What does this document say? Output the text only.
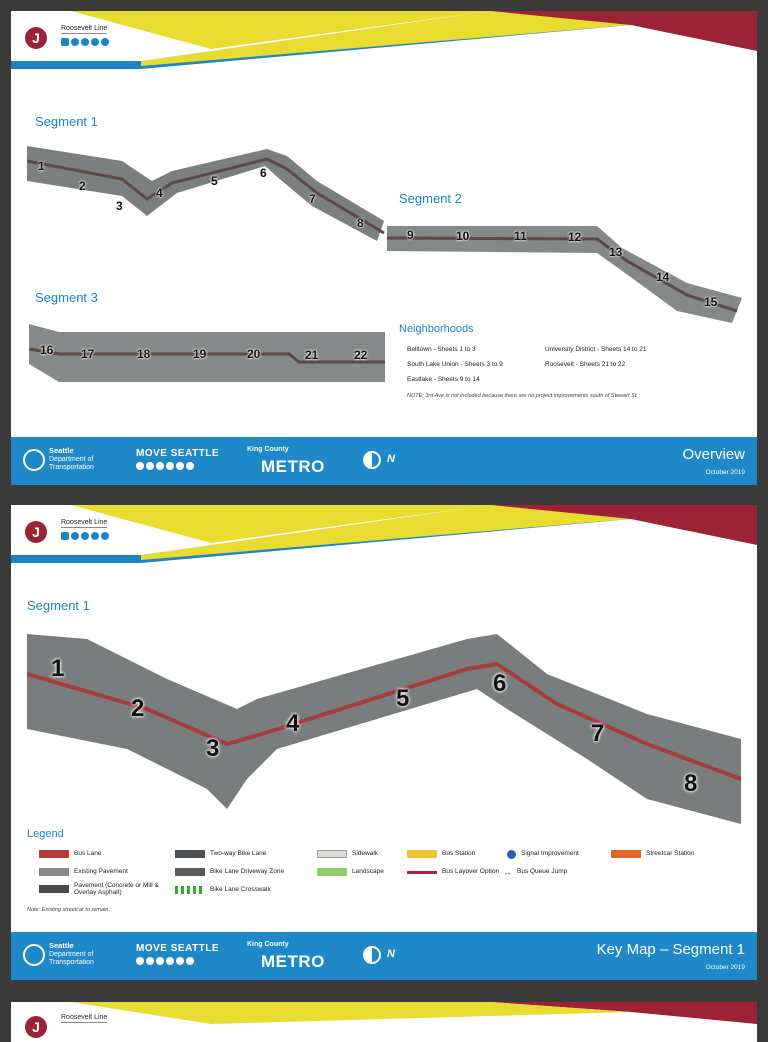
J
Roosevelt Line
Segment 1
1
2
3
4
5
6
7
8
Segment 2
9	10	11	12
13
14
15
Segment 3
16 17	18	19	20	21	22
Neighborhoods
Belltown - Sheets 1 to 3
South Lake Union - Sheets 3 to 9
Eastlake - Sheets 9 to 14
University District - Sheets 14 to 21
Roosevelt - Sheets 21 to 22
NOTE: 3rd Ave is not included because there are no project improvements south of Stewart St.
Seattle
Department of
Transportation
MOVE SEATTLE	King County
METRO	N	Overview
October 2019
J
Roosevelt Line
Segment 1
1
2
3
4
5
6
7
8
Legend
Bus Lane
Existing Pavement
Pavement (Concrete or Mill & Overlay Asphalt)
Two-way Bike Lane
Bike Lane Driveway Zone
Bike Lane Crosswalk
Sidewalk
Landscape
Bus Station
Bus Layover Option
Signal Improvement
↔ Bus Queue Jump
Streetcar Station
Note: Existing streetcar to remain.
Seattle
Department of
Transportation
MOVE SEATTLE	King County
METRO	N	Key Map – Segment 1
October 2019
J
Roosevelt Line
